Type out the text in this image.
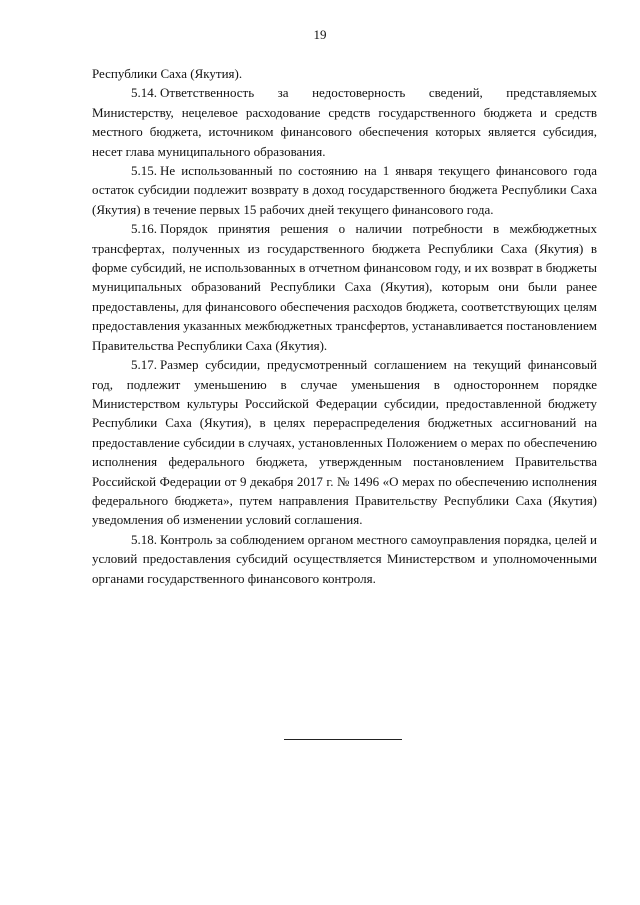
19

Республики Саха (Якутия).

5.14. Ответственность за недостоверность сведений, представляемых Министерству, нецелевое расходование средств государственного бюджета и средств местного бюджета, источником финансового обеспечения которых является субсидия, несет глава муниципального образования.

5.15. Не использованный по состоянию на 1 января текущего финансового года остаток субсидии подлежит возврату в доход государственного бюджета Республики Саха (Якутия) в течение первых 15 рабочих дней текущего финансового года.

5.16. Порядок принятия решения о наличии потребности в межбюджетных трансфертах, полученных из государственного бюджета Республики Саха (Якутия) в форме субсидий, не использованных в отчетном финансовом году, и их возврат в бюджеты муниципальных образований Республики Саха (Якутия), которым они были ранее предоставлены, для финансового обеспечения расходов бюджета, соответствующих целям предоставления указанных межбюджетных трансфертов, устанавливается постановлением Правительства Республики Саха (Якутия).

5.17. Размер субсидии, предусмотренный соглашением на текущий финансовый год, подлежит уменьшению в случае уменьшения в одностороннем порядке Министерством культуры Российской Федерации субсидии, предоставленной бюджету Республики Саха (Якутия), в целях перераспределения бюджетных ассигнований на предоставление субсидии в случаях, установленных Положением о мерах по обеспечению исполнения федерального бюджета, утвержденным постановлением Правительства Российской Федерации от 9 декабря 2017 г. № 1496 «О мерах по обеспечению исполнения федерального бюджета», путем направления Правительству Республики Саха (Якутия) уведомления об изменении условий соглашения.

5.18. Контроль за соблюдением органом местного самоуправления порядка, целей и условий предоставления субсидий осуществляется Министерством и уполномоченными органами государственного финансового контроля.
